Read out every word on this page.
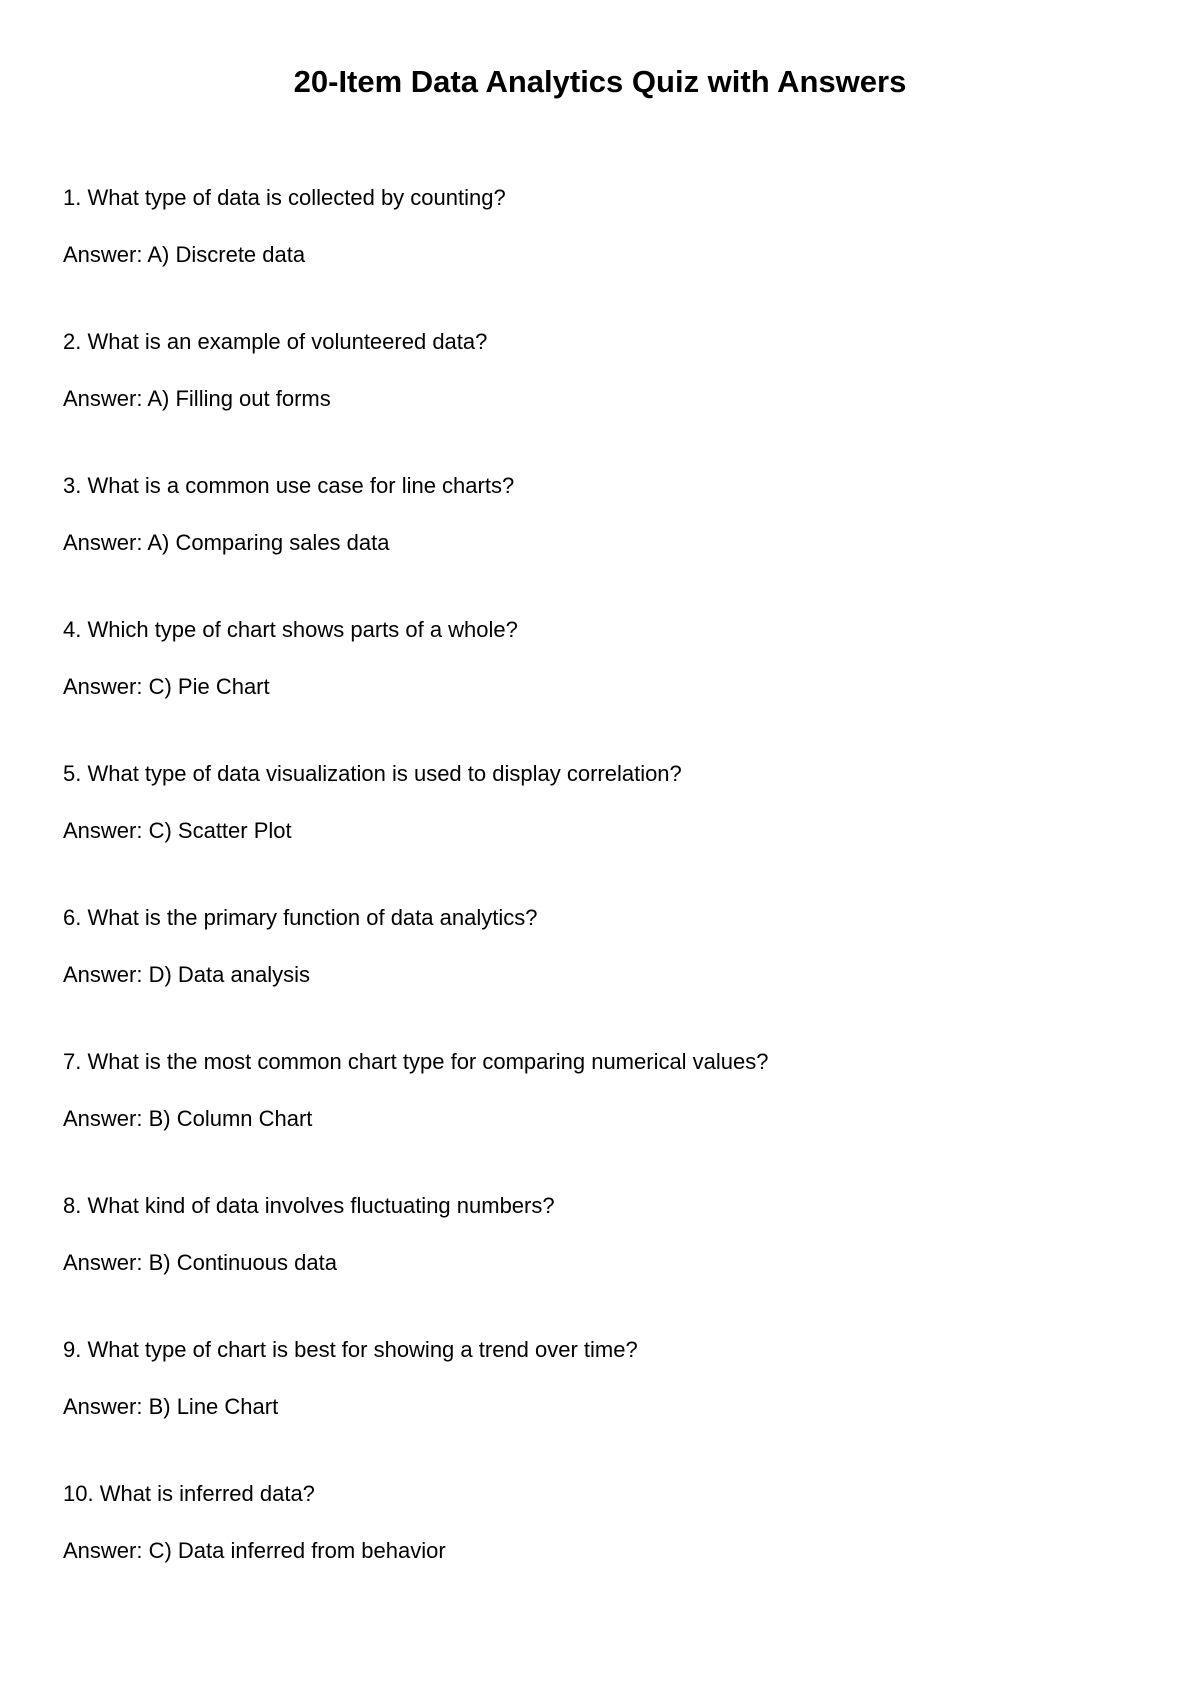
20-Item Data Analytics Quiz with Answers

1. What type of data is collected by counting?

Answer: A) Discrete data

2. What is an example of volunteered data?

Answer: A) Filling out forms

3. What is a common use case for line charts?

Answer: A) Comparing sales data

4. Which type of chart shows parts of a whole?

Answer: C) Pie Chart

5. What type of data visualization is used to display correlation?

Answer: C) Scatter Plot

6. What is the primary function of data analytics?

Answer: D) Data analysis

7. What is the most common chart type for comparing numerical values?

Answer: B) Column Chart

8. What kind of data involves fluctuating numbers?

Answer: B) Continuous data

9. What type of chart is best for showing a trend over time?

Answer: B) Line Chart

10. What is inferred data?

Answer: C) Data inferred from behavior
